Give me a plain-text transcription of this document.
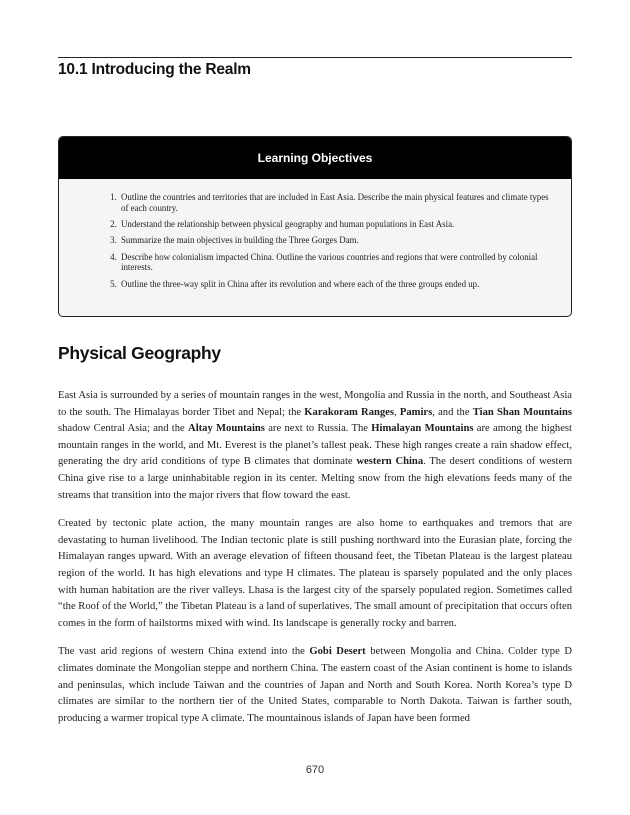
10.1 Introducing the Realm
Learning Objectives
1. Outline the countries and territories that are included in East Asia. Describe the main physical features and climate types of each country.
2. Understand the relationship between physical geography and human populations in East Asia.
3. Summarize the main objectives in building the Three Gorges Dam.
4. Describe how colonialism impacted China. Outline the various countries and regions that were controlled by colonial interests.
5. Outline the three-way split in China after its revolution and where each of the three groups ended up.
Physical Geography

East Asia is surrounded by a series of mountain ranges in the west, Mongolia and Russia in the north, and Southeast Asia to the south. The Himalayas border Tibet and Nepal; the Karakoram Ranges, Pamirs, and the Tian Shan Mountains shadow Central Asia; and the Altay Mountains are next to Russia. The Himalayan Mountains are among the highest mountain ranges in the world, and Mt. Everest is the planet’s tallest peak. These high ranges create a rain shadow effect, generating the dry arid conditions of type B climates that dominate western China. The desert conditions of western China give rise to a large uninhabitable region in its center. Melting snow from the high elevations feeds many of the streams that transition into the major rivers that flow toward the east.

Created by tectonic plate action, the many mountain ranges are also home to earthquakes and tremors that are devastating to human livelihood. The Indian tectonic plate is still pushing northward into the Eurasian plate, forcing the Himalayan ranges upward. With an average elevation of fifteen thousand feet, the Tibetan Plateau is the largest plateau region of the world. It has high elevations and type H climates. The plateau is sparsely populated and the only places with human habitation are the river valleys. Lhasa is the largest city of the sparsely populated region. Sometimes called “the Roof of the World,” the Tibetan Plateau is a land of superlatives. The small amount of precipitation that occurs often comes in the form of hailstorms mixed with wind. Its landscape is generally rocky and barren.

The vast arid regions of western China extend into the Gobi Desert between Mongolia and China. Colder type D climates dominate the Mongolian steppe and northern China. The eastern coast of the Asian continent is home to islands and peninsulas, which include Taiwan and the countries of Japan and North and South Korea. North Korea’s type D climates are similar to the northern tier of the United States, comparable to North Dakota. Taiwan is farther south, producing a warmer tropical type A climate. The mountainous islands of Japan have been formed

670
